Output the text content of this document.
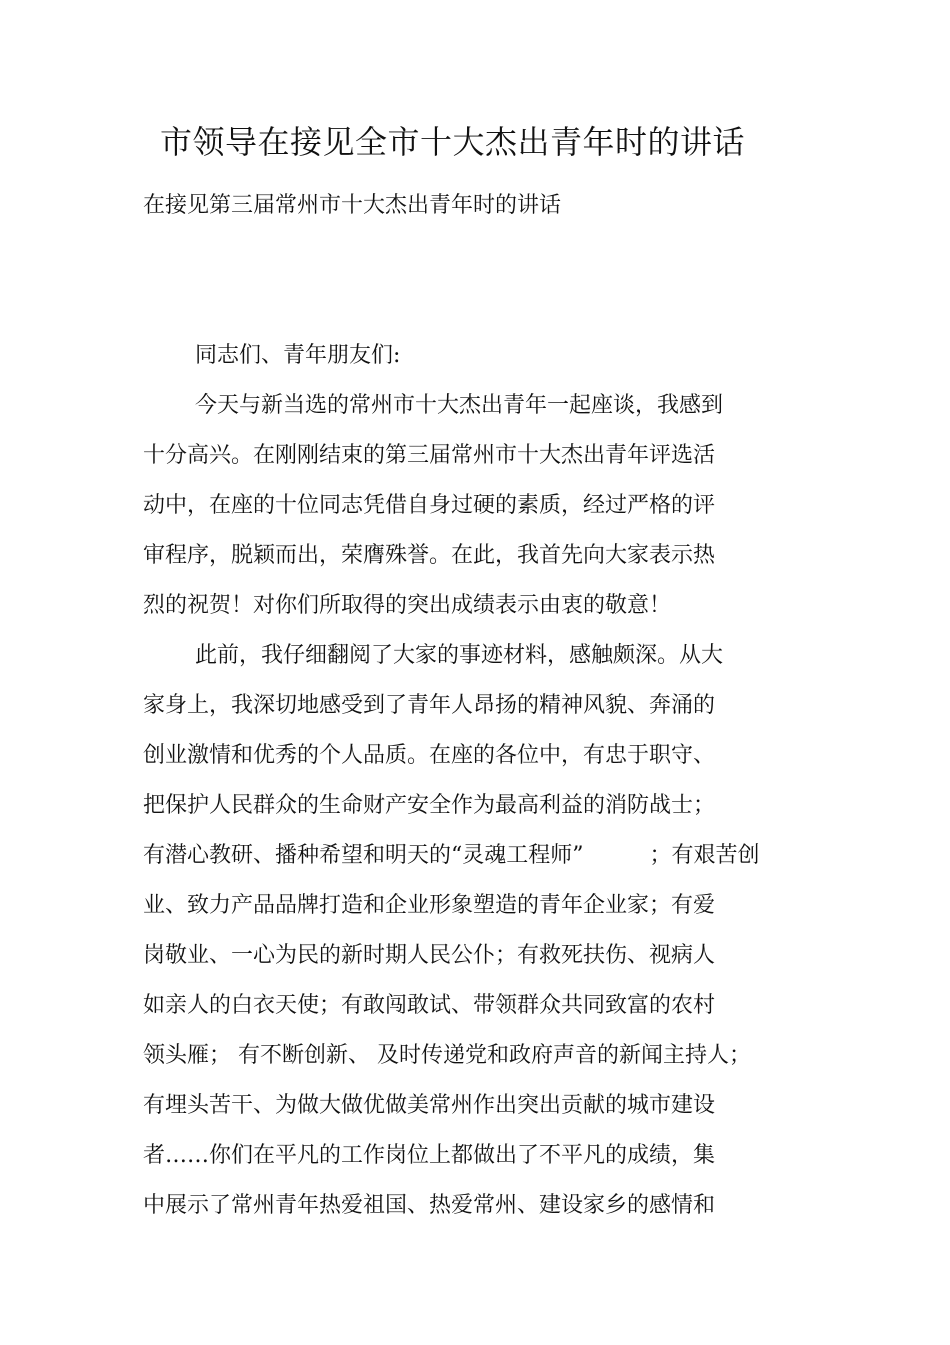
市领导在接见全市十大杰出青年时的讲话
在接见第三届常州市十大杰出青年时的讲话
同志们、青年朋友们:
今天与新当选的常州市十大杰出青年一起座谈，我感到
十分高兴。在刚刚结束的第三届常州市十大杰出青年评选活
动中，在座的十位同志凭借自身过硬的素质，经过严格的评
审程序，脱颖而出，荣膺殊誉。在此，我首先向大家表示热
烈的祝贺！对你们所取得的突出成绩表示由衷的敬意！
此前，我仔细翻阅了大家的事迹材料，感触颇深。从大
家身上，我深切地感受到了青年人昂扬的精神风貌、奔涌的
创业激情和优秀的个人品质。在座的各位中，有忠于职守、
把保护人民群众的生命财产安全作为最高利益的消防战士；
有潜心教研、播种希望和明天的“灵魂工程师”　　　；有艰苦创
业、致力产品品牌打造和企业形象塑造的青年企业家；有爱
岗敬业、一心为民的新时期人民公仆；有救死扶伤、视病人
如亲人的白衣天使；有敢闯敢试、带领群众共同致富的农村
领头雁； 有不断创新、 及时传递党和政府声音的新闻主持人；
有埋头苦干、为做大做优做美常州作出突出贡献的城市建设
者……你们在平凡的工作岗位上都做出了不平凡的成绩，集
中展示了常州青年热爱祖国、热爱常州、建设家乡的感情和
